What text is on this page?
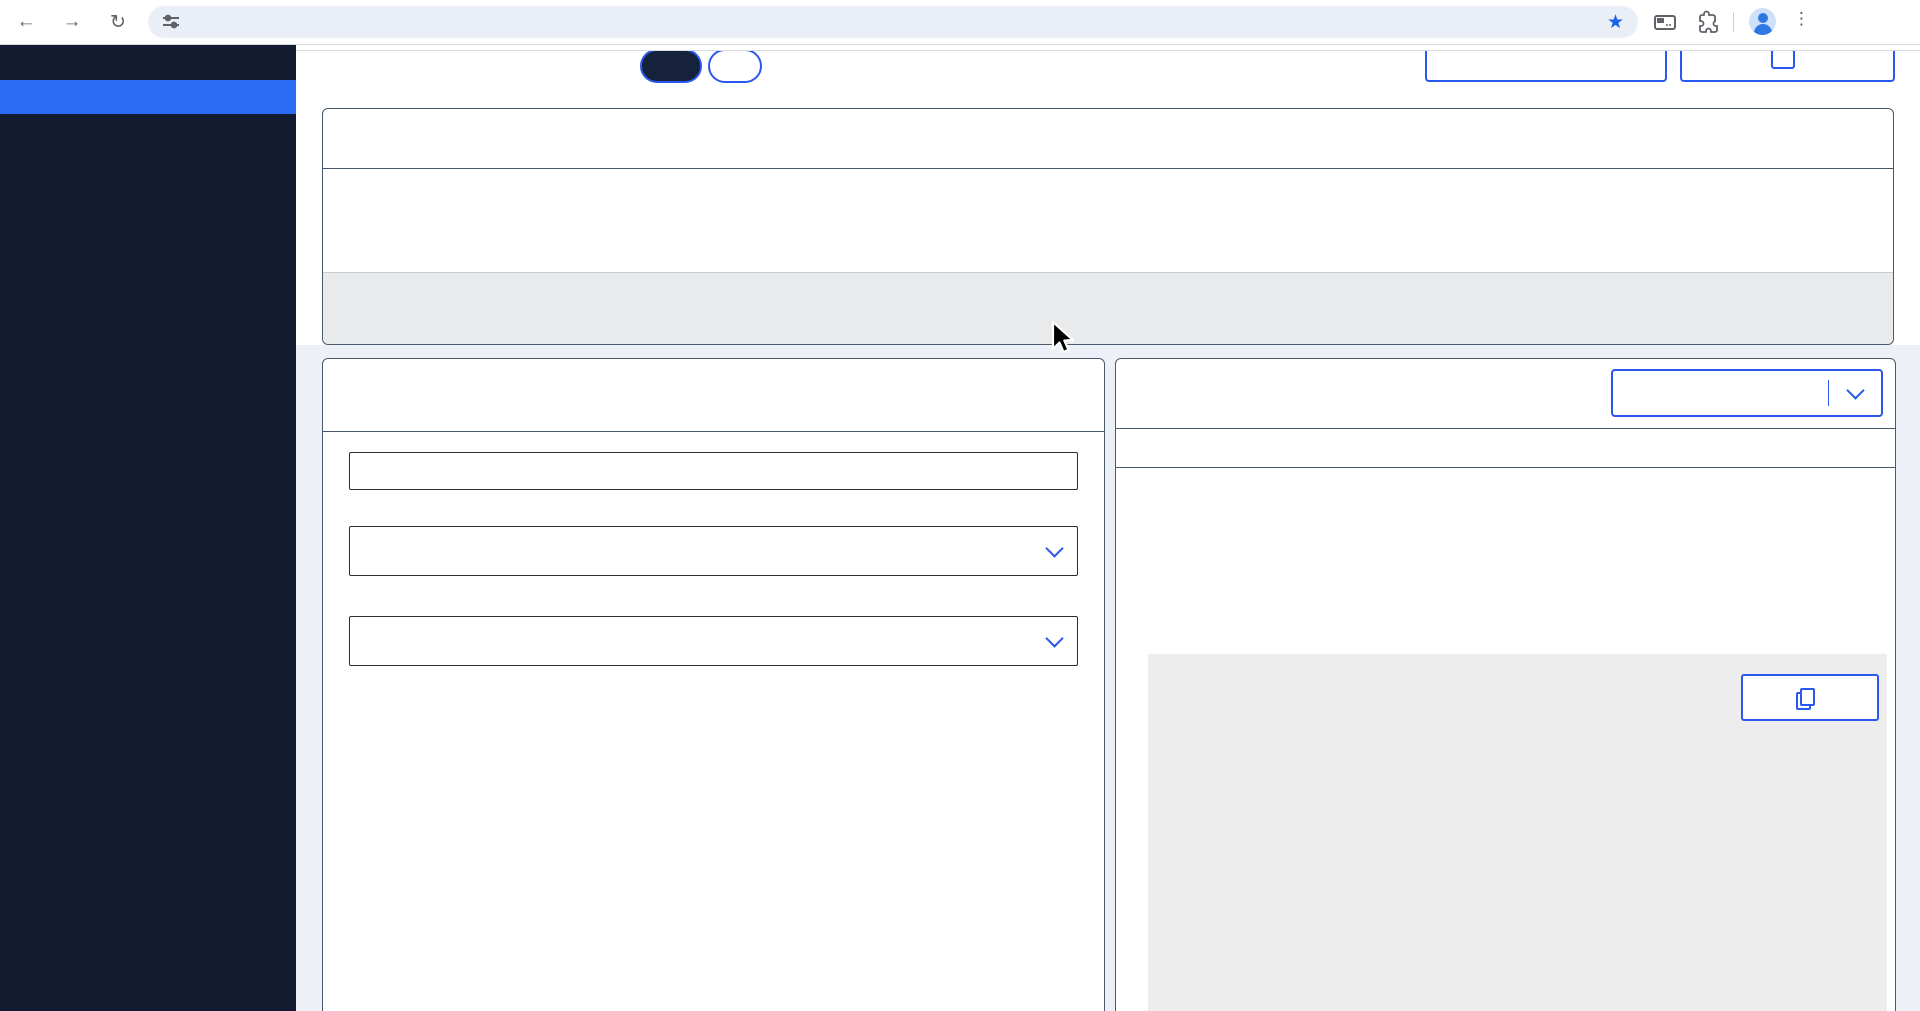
← →	↻	★	⋮
